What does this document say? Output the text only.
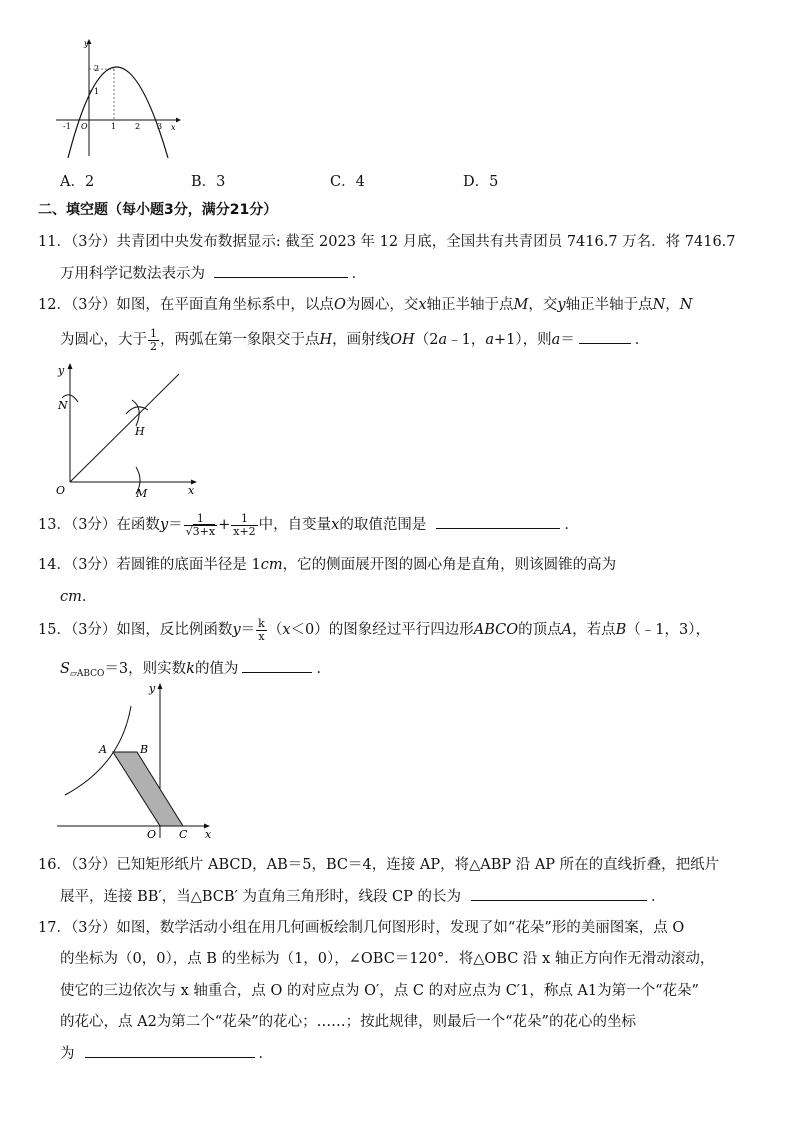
y
x
-1 O	1 2 3
1
2
A．2	B．3	C．4	D．5
二、填空题（每小题3分，满分21分）
11．（3分）共青团中央发布数据显示: 截至 2023 年 12 月底，全国共有共青团员 7416.7 万名．将 7416.7
万用科学记数法表示为	．
12．（3分）如图，在平面直角坐标系中，以点O为圆心，交x轴正半轴于点M，交y轴正半轴于点N，N
为圆心，大于 $\frac{1}{2}$ ，两弧在第一象限交于点H，画射线OH（2a﹣1，a+1），则a＝	．
y
x
O
N
M
H
13．（3分）在函数$y= \frac{1}{√3+x} + \frac{1}{x+2}$ 中，自变量x的取值范围是	．
14．（3分）若圆锥的底面半径是 1cm，它的侧面展开图的圆心角是直角，则该圆锥的高为
cm．
15．（3分）如图，反比例函数$y= \frac{k}{x} (x<0)$的图象经过平行四边形ABCO的顶点A，若点B（﹣1，3），
$S_{▱ABCO}=3$，则实数k的值为	．
y
x
O
A	B
C
16．（3分）已知矩形纸片 ABCD，AB＝5，BC＝4，连接 AP，将△ABP 沿 AP 所在的直线折叠，把纸片
展平，连接 BB′，当△BCB′ 为直角三角形时，线段 CP 的长为	．
17．（3分）如图，数学活动小组在用几何画板绘制几何图形时，发现了如“花朵”形的美丽图案，点 O
的坐标为（0，0），点 B 的坐标为（1，0），∠OBC＝120°．将△OBC 沿 x 轴正方向作无滑动滚动，
使它的三边依次与 x 轴重合，点 O 的对应点为 O′，点 C 的对应点为 C′1，称点 A1为第一个“花朵”
的花心，点 A2为第二个“花朵”的花心；……；按此规律，则最后一个“花朵”的花心的坐标
为	．
